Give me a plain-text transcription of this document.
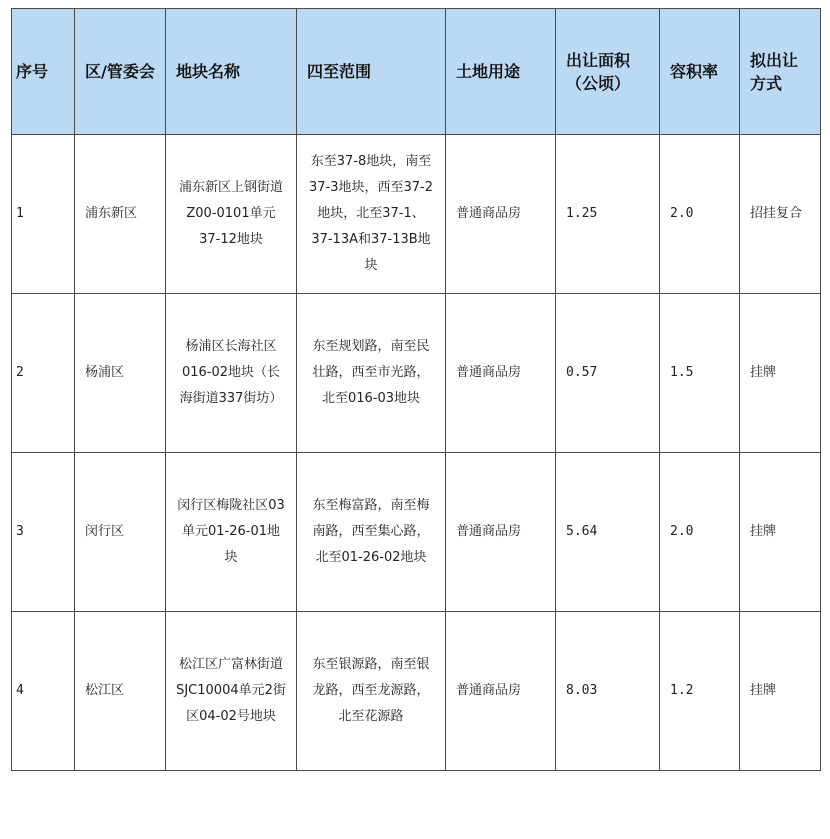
序号	区/管委会	地块名称	四至范围	土地用途	出让面积（公顷）	容积率	拟出让方式
1	浦东新区	浦东新区上钢街道Z00-0101单元37-12地块	东至37-8地块，南至37-3地块，西至37-2地块，北至37-1、37-13A和37-13B地块	普通商品房	1.25	2.0	招挂复合
2	杨浦区	杨浦区长海社区016-02地块（长海街道337街坊）	东至规划路，南至民壮路，西至市光路，北至016-03地块	普通商品房	0.57	1.5	挂牌
3	闵行区	闵行区梅陇社区03单元01-26-01地块	东至梅富路，南至梅南路，西至集心路，北至01-26-02地块	普通商品房	5.64	2.0	挂牌
4	松江区	松江区广富林街道SJC10004单元2街区04-02号地块	东至银源路，南至银龙路，西至龙源路，北至花源路	普通商品房	8.03	1.2	挂牌
